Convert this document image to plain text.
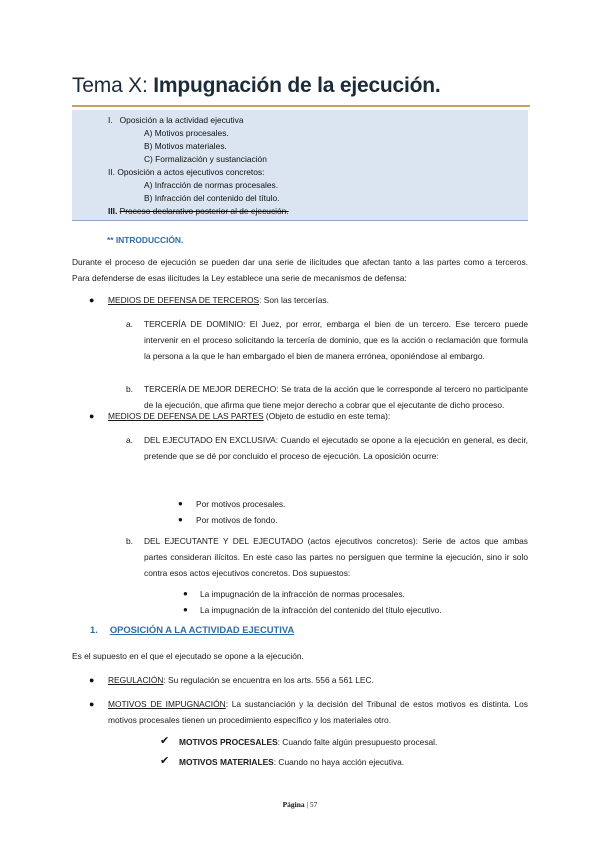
Tema X: Impugnación de la ejecución.
I. Oposición a la actividad ejecutiva
A) Motivos procesales.
B) Motivos materiales.
C) Formalización y sustanciación
II. Oposición a actos ejecutivos concretos:
A) Infracción de normas procesales.
B) Infracción del contenido del título.
III. Proceso declarativo posterior al de ejecución.
** INTRODUCCIÓN.
Durante el proceso de ejecución se pueden dar una serie de ilicitudes que afectan tanto a las partes como a terceros. Para defenderse de esas ilicitudes la Ley establece una serie de mecanismos de defensa:
● MEDIOS DE DEFENSA DE TERCEROS: Son las tercerías.
a. TERCERÍA DE DOMINIO: El Juez, por error, embarga el bien de un tercero. Ese tercero puede intervenir en el proceso solicitando la tercería de dominio, que es la acción o reclamación que formula la persona a la que le han embargado el bien de manera errónea, oponiéndose al embargo.
b. TERCERÍA DE MEJOR DERECHO: Se trata de la acción que le corresponde al tercero no participante de la ejecución, que afirma que tiene mejor derecho a cobrar que el ejecutante de dicho proceso.
● MEDIOS DE DEFENSA DE LAS PARTES (Objeto de estudio en este tema):
a. DEL EJECUTADO EN EXCLUSIVA: Cuando el ejecutado se opone a la ejecución en general, es decir, pretende que se dé por concluido el proceso de ejecución. La oposición ocurre:
● Por motivos procesales.
● Por motivos de fondo.
b. DEL EJECUTANTE Y DEL EJECUTADO (actos ejecutivos concretos): Serie de actos que ambas partes consideran ilícitos. En este caso las partes no persiguen que termine la ejecución, sino ir solo contra esos actos ejecutivos concretos. Dos supuestos:
● La impugnación de la infracción de normas procesales.
● La impugnación de la infracción del contenido del título ejecutivo.
1. OPOSICIÓN A LA ACTIVIDAD EJECUTIVA
Es el supuesto en el que el ejecutado se opone a la ejecución.
● REGULACIÓN: Su regulación se encuentra en los arts. 556 a 561 LEC.
● MOTIVOS DE IMPUGNACIÓN: La sustanciación y la decisión del Tribunal de estos motivos es distinta. Los motivos procesales tienen un procedimiento específico y los materiales otro.
✔ MOTIVOS PROCESALES: Cuando falte algún presupuesto procesal.
✔ MOTIVOS MATERIALES: Cuando no haya acción ejecutiva.
Página | 57
